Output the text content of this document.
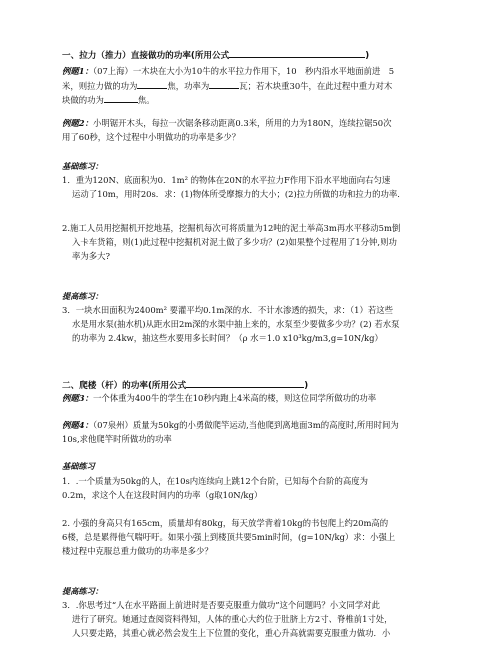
一、拉力（推力）直接做功的功率(所用公式	)
例题1：（07上海）一木块在大小为10牛的水平拉力作用下，10　秒内沿水平地面前进　5
米，则拉力做的功为	焦，功率为	瓦；若木块重30牛，在此过程中重力对木
块做的功为	焦。
例题2：小明锯开木头，每拉一次锯条移动距离0.3米，所用的力为180N，连续拉锯50次
用了60秒，这个过程中小明做功的功率是多少？
基础练习：
1．重为120N、底面积为0．1m² 的物体在20N的水平拉力F作用下沿水平地面向右匀速
运动了10m，用时20s．求：(1)物体所受摩擦力的大小；(2)拉力所做的功和拉力的功率．
2.施工人员用挖掘机开挖地基，挖掘机每次可将质量为12吨的泥土举高3m再水平移动5m倒
入卡车货箱，则(1)此过程中挖掘机对泥土做了多少功？(2)如果整个过程用了1分钟,则功
率为多大?
提高练习：
3．一块水田面积为2400m² 要灌平均0.1m深的水．不计水渗透的损失，求：（1）若这些
水是用水泵(抽水机)从距水田2m深的水渠中抽上来的，水泵至少要做多少功？(2) 若水泵
的功率为 2.4kw，抽这些水要用多长时间？（ρ 水＝1.0 x10³kg/m3,g=10N/kg）
二、爬楼（杆）的功率(所用公式	)
例题3：一个体重为400牛的学生在10秒内跑上4米高的楼，则这位同学所做功的功率
例题4：（07泉州）质量为50kg的小勇做爬竿运动,当他爬到离地面3m的高度时,所用时间为
10s,求他爬竿时所做功的功率
基础练习
1．.一个质量为50kg的人，在10s内连续向上跳12个台阶，已知每个台阶的高度为
0.2m，求这个人在这段时间内的功率（g取10N/kg）
2. 小强的身高只有165cm，质量却有80kg，每天放学背着10kg的书包爬上约20m高的
6楼，总是累得他气喘吁吁。如果小强上到楼顶共要5min时间，(g=10N/kg）求：小强上
楼过程中克服总重力做功的功率是多少？
提高练习：
3．.你思考过“人在水平路面上前进时是否要克服重力做功”这个问题吗？小文同学对此
进行了研究。她通过查阅资料得知，人体的重心大约位于肚脐上方2寸、脊椎前1寸处，
人只要走路，其重心就必然会发生上下位置的变化，重心升高就需要克服重力做功．小
